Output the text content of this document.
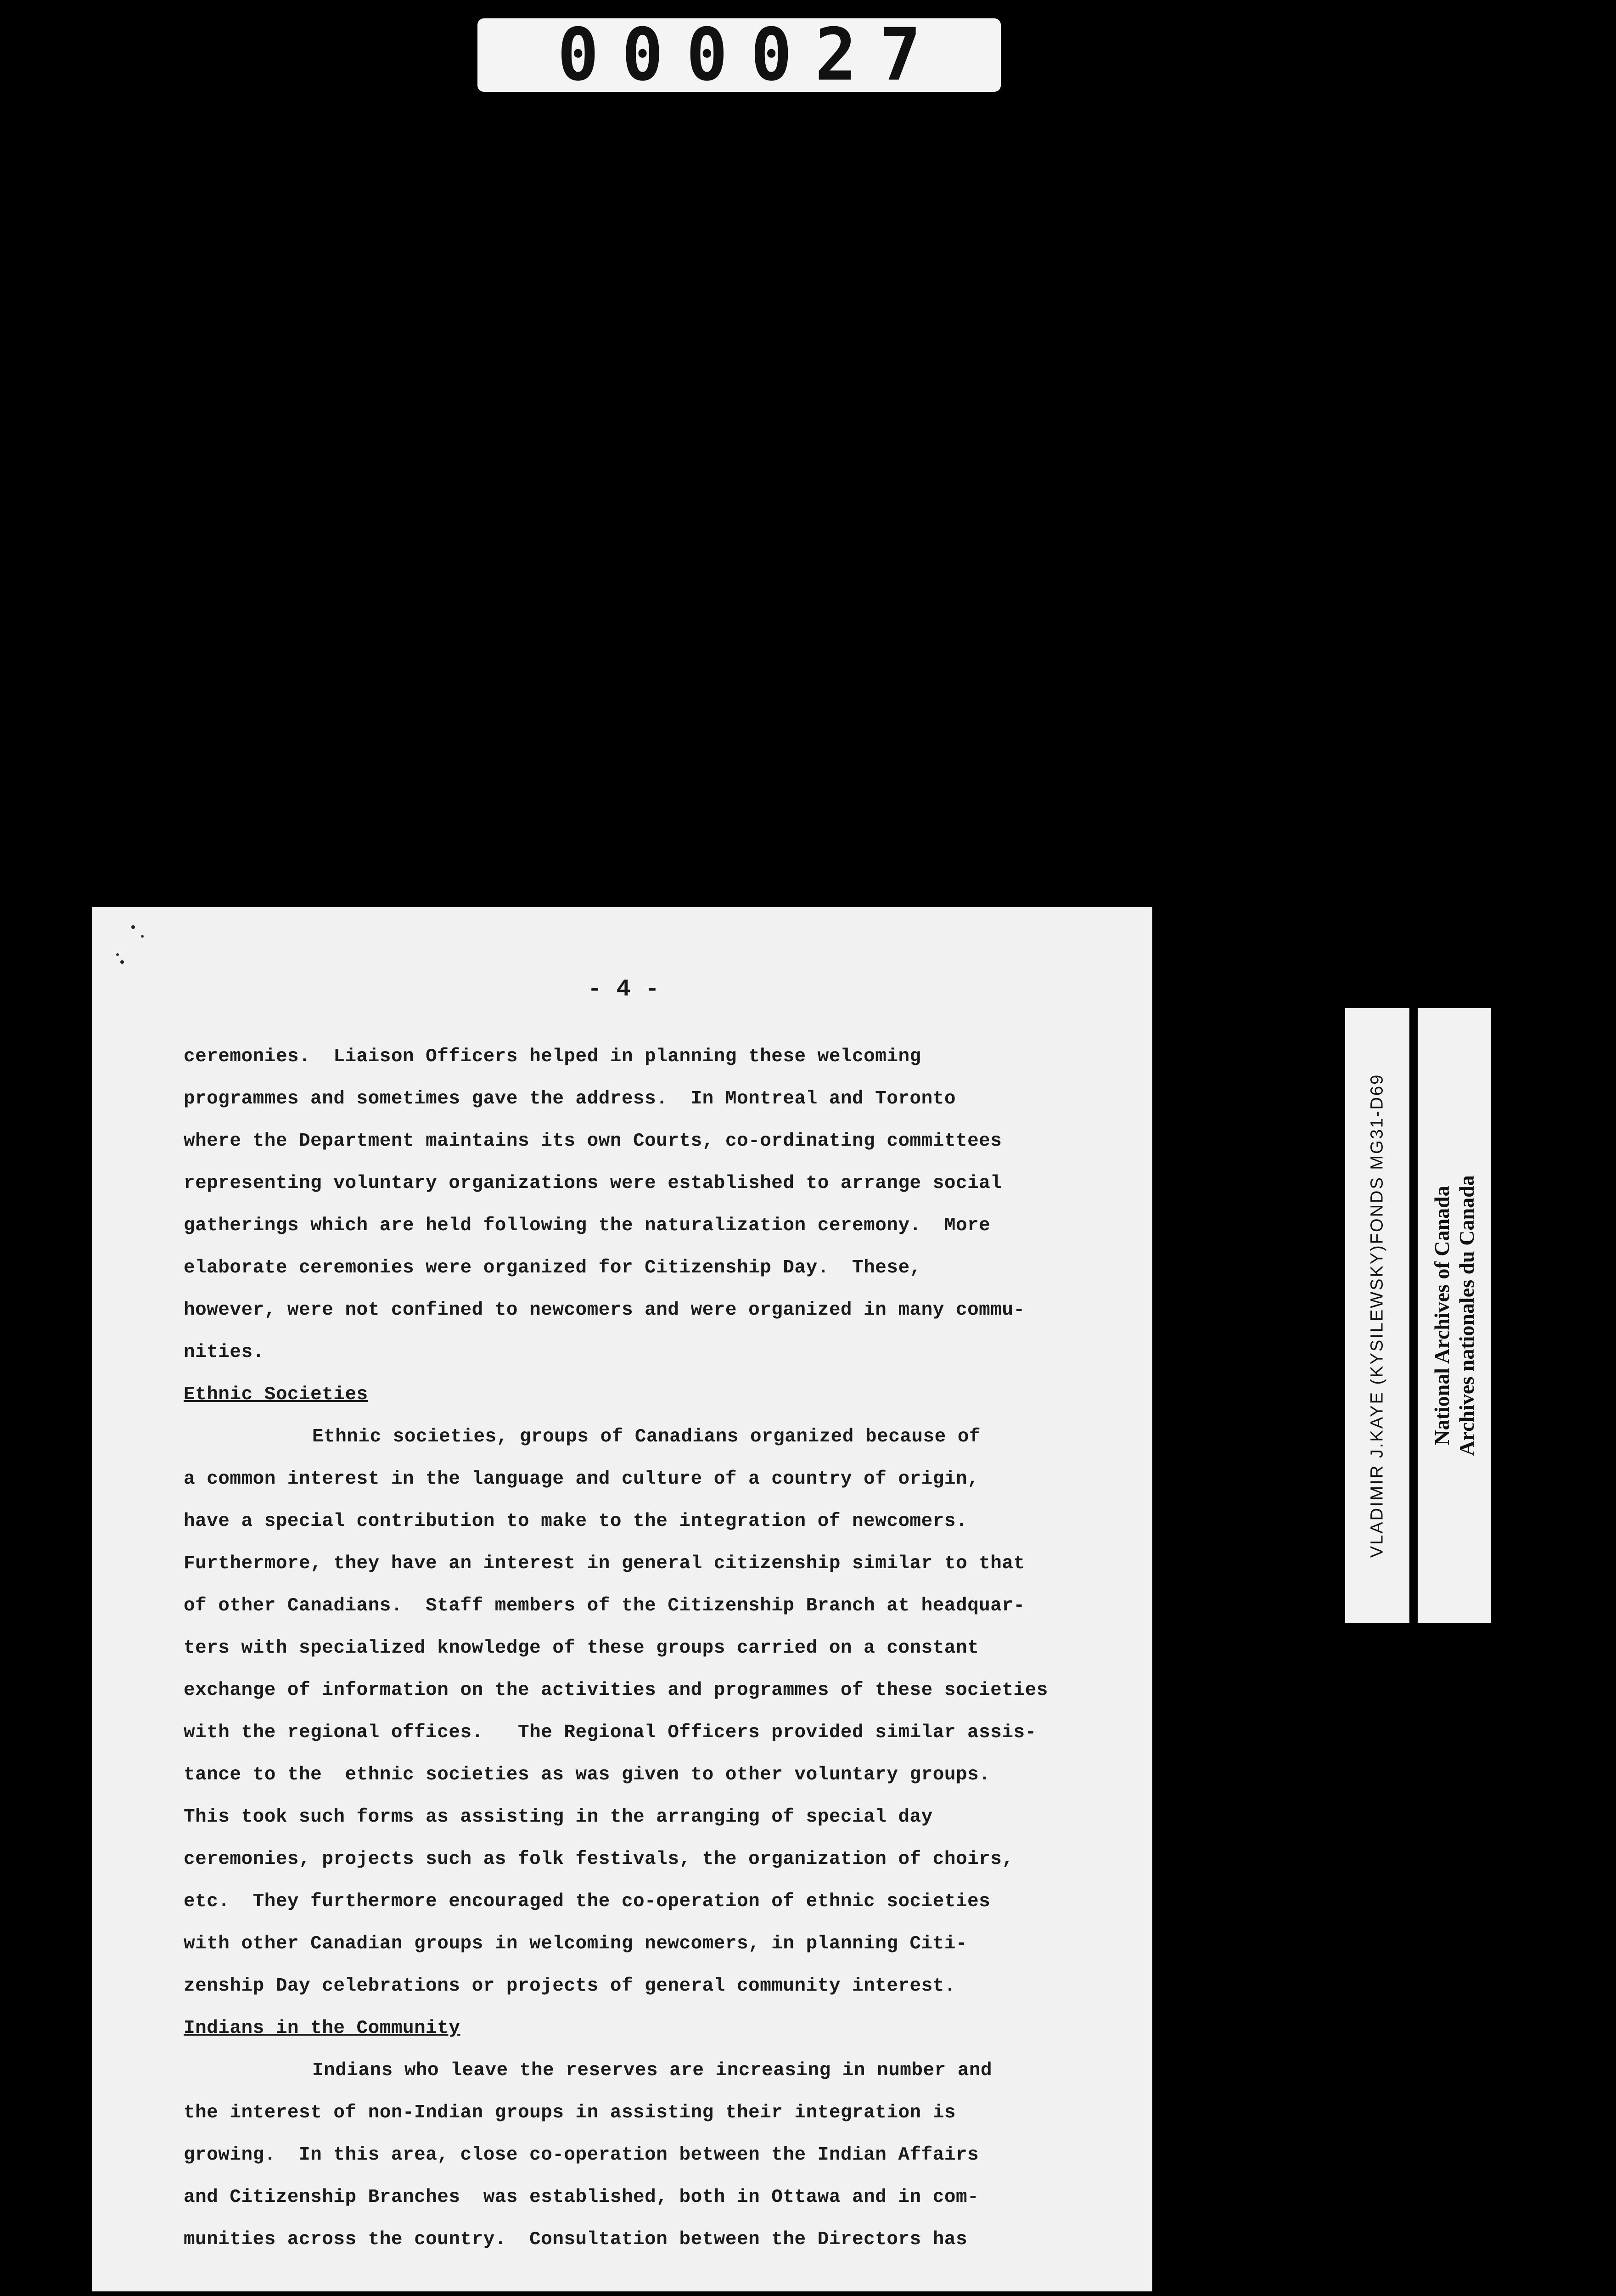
000027
- 4 -
ceremonies.  Liaison Officers helped in planning these welcoming
programmes and sometimes gave the address.  In Montreal and Toronto
where the Department maintains its own Courts, co-ordinating committees
representing voluntary organizations were established to arrange social
gatherings which are held following the naturalization ceremony.  More
elaborate ceremonies were organized for Citizenship Day.  These,
however, were not confined to newcomers and were organized in many commu-
nities.
Ethnic Societies
Ethnic societies, groups of Canadians organized because of
a common interest in the language and culture of a country of origin,
have a special contribution to make to the integration of newcomers.
Furthermore, they have an interest in general citizenship similar to that
of other Canadians.  Staff members of the Citizenship Branch at headquar-
ters with specialized knowledge of these groups carried on a constant
exchange of information on the activities and programmes of these societies
with the regional offices.   The Regional Officers provided similar assis-
tance to the  ethnic societies as was given to other voluntary groups.
This took such forms as assisting in the arranging of special day
ceremonies, projects such as folk festivals, the organization of choirs,
etc.  They furthermore encouraged the co-operation of ethnic societies
with other Canadian groups in welcoming newcomers, in planning Citi-
zenship Day celebrations or projects of general community interest.
Indians in the Community
Indians who leave the reserves are increasing in number and
the interest of non-Indian groups in assisting their integration is
growing.  In this area, close co-operation between the Indian Affairs
and Citizenship Branches  was established, both in Ottawa and in com-
munities across the country.  Consultation between the Directors has
VLADIMIR J.KAYE (KYSILEWSKY)FONDS MG31-D69 National Archives of Canada Archives nationales du Canada
